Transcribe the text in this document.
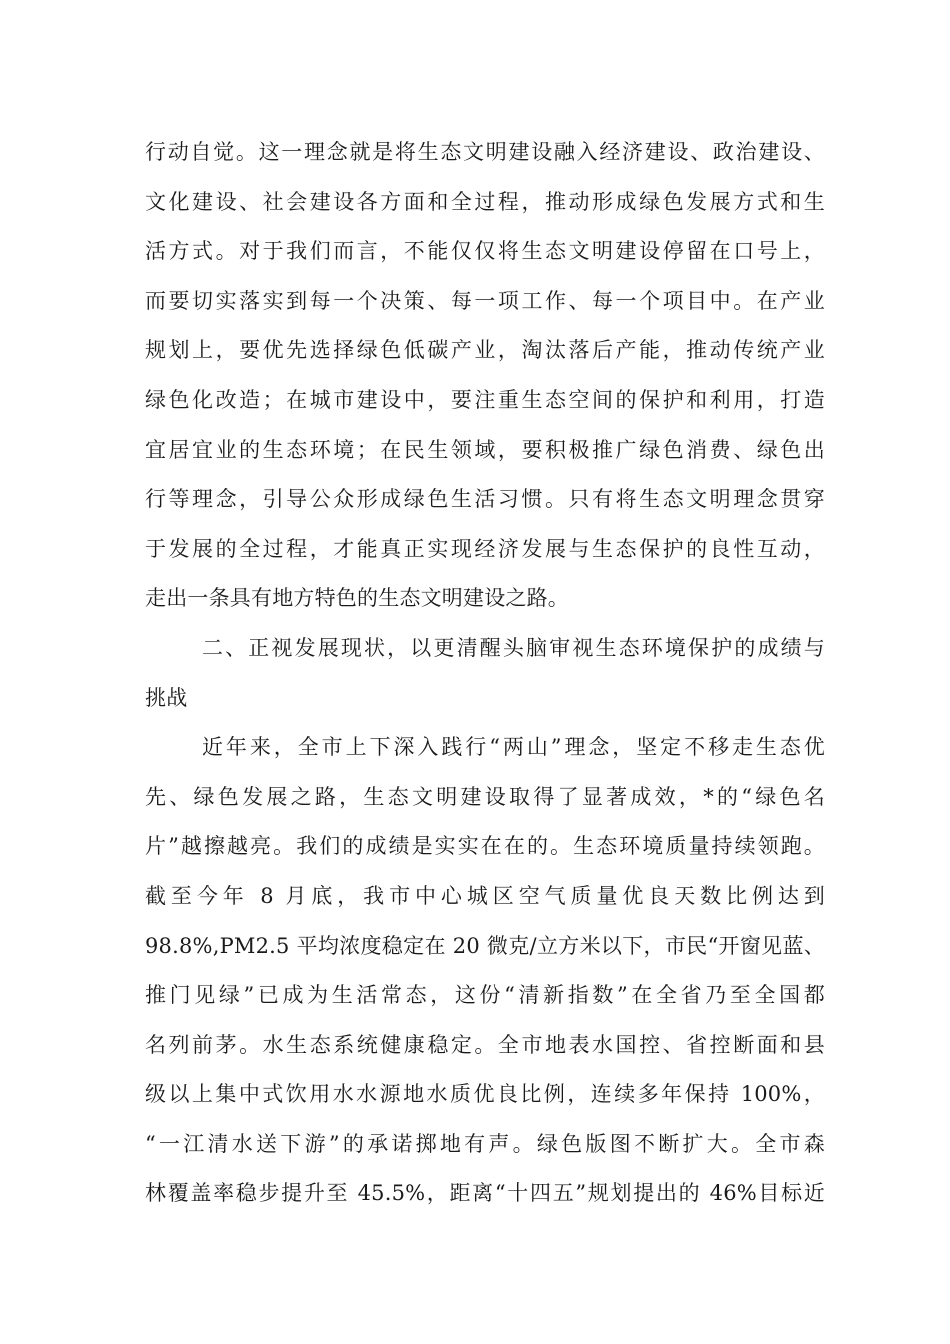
行动自觉。这一理念就是将生态文明建设融入经济建设、政治建设、
文化建设、社会建设各方面和全过程，推动形成绿色发展方式和生
活方式。对于我们而言，不能仅仅将生态文明建设停留在口号上，
而要切实落实到每一个决策、每一项工作、每一个项目中。在产业
规划上，要优先选择绿色低碳产业，淘汰落后产能，推动传统产业
绿色化改造；在城市建设中，要注重生态空间的保护和利用，打造
宜居宜业的生态环境；在民生领域，要积极推广绿色消费、绿色出
行等理念，引导公众形成绿色生活习惯。只有将生态文明理念贯穿
于发展的全过程，才能真正实现经济发展与生态保护的良性互动，
走出一条具有地方特色的生态文明建设之路。
二、正视发展现状，以更清醒头脑审视生态环境保护的成绩与
挑战
近年来，全市上下深入践行“两山”理念，坚定不移走生态优
先、绿色发展之路，生态文明建设取得了显著成效，*的“绿色名
片”越擦越亮。我们的成绩是实实在在的。生态环境质量持续领跑。
截至今年 8 月底，我市中心城区空气质量优良天数比例达到
98.8%,PM2.5 平均浓度稳定在 20 微克/立方米以下，市民“开窗见蓝、
推门见绿”已成为生活常态，这份“清新指数”在全省乃至全国都
名列前茅。水生态系统健康稳定。全市地表水国控、省控断面和县
级以上集中式饮用水水源地水质优良比例，连续多年保持 100%，
“一江清水送下游”的承诺掷地有声。绿色版图不断扩大。全市森
林覆盖率稳步提升至 45.5%，距离“十四五”规划提出的 46%目标近
